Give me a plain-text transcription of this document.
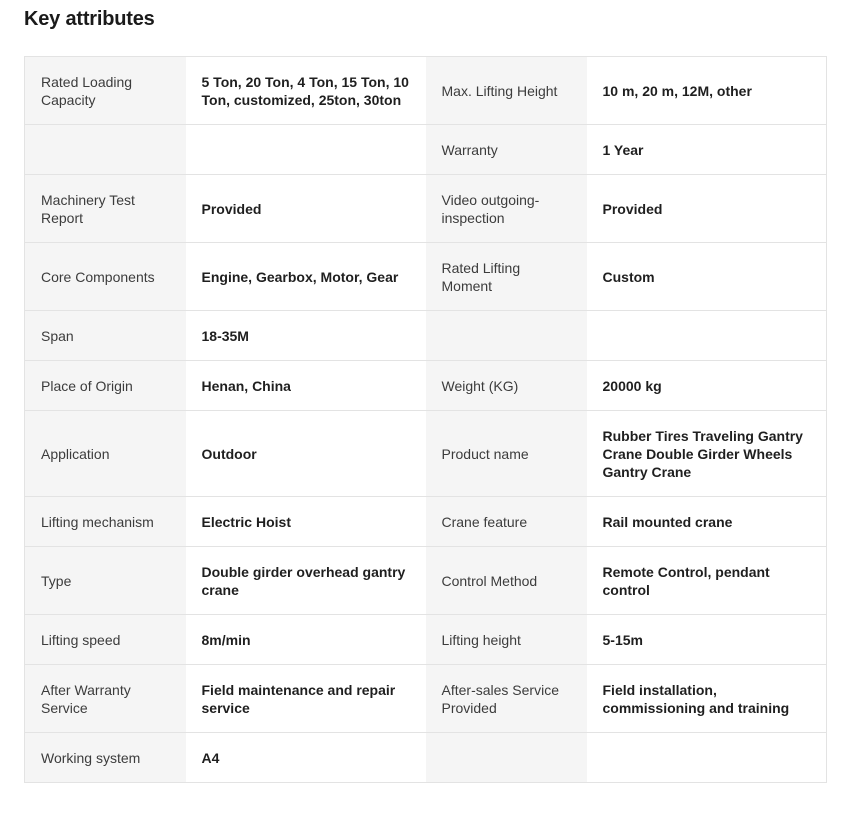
Key attributes
Rated Loading Capacity	5 Ton, 20 Ton, 4 Ton, 15 Ton, 10 Ton, customized, 25ton, 30ton	Max. Lifting Height	10 m, 20 m, 12M, other
		Warranty	1 Year
Machinery Test Report	Provided	Video outgoing-inspection	Provided
Core Components	Engine, Gearbox, Motor, Gear	Rated Lifting Moment	Custom
Span	18-35M		
Place of Origin	Henan, China	Weight (KG)	20000 kg
Application	Outdoor	Product name	Rubber Tires Traveling Gantry Crane Double Girder Wheels Gantry Crane
Lifting mechanism	Electric Hoist	Crane feature	Rail mounted crane
Type	Double girder overhead gantry crane	Control Method	Remote Control, pendant control
Lifting speed	8m/min	Lifting height	5-15m
After Warranty Service	Field maintenance and repair service	After-sales Service Provided	Field installation, commissioning and training
Working system	A4		
